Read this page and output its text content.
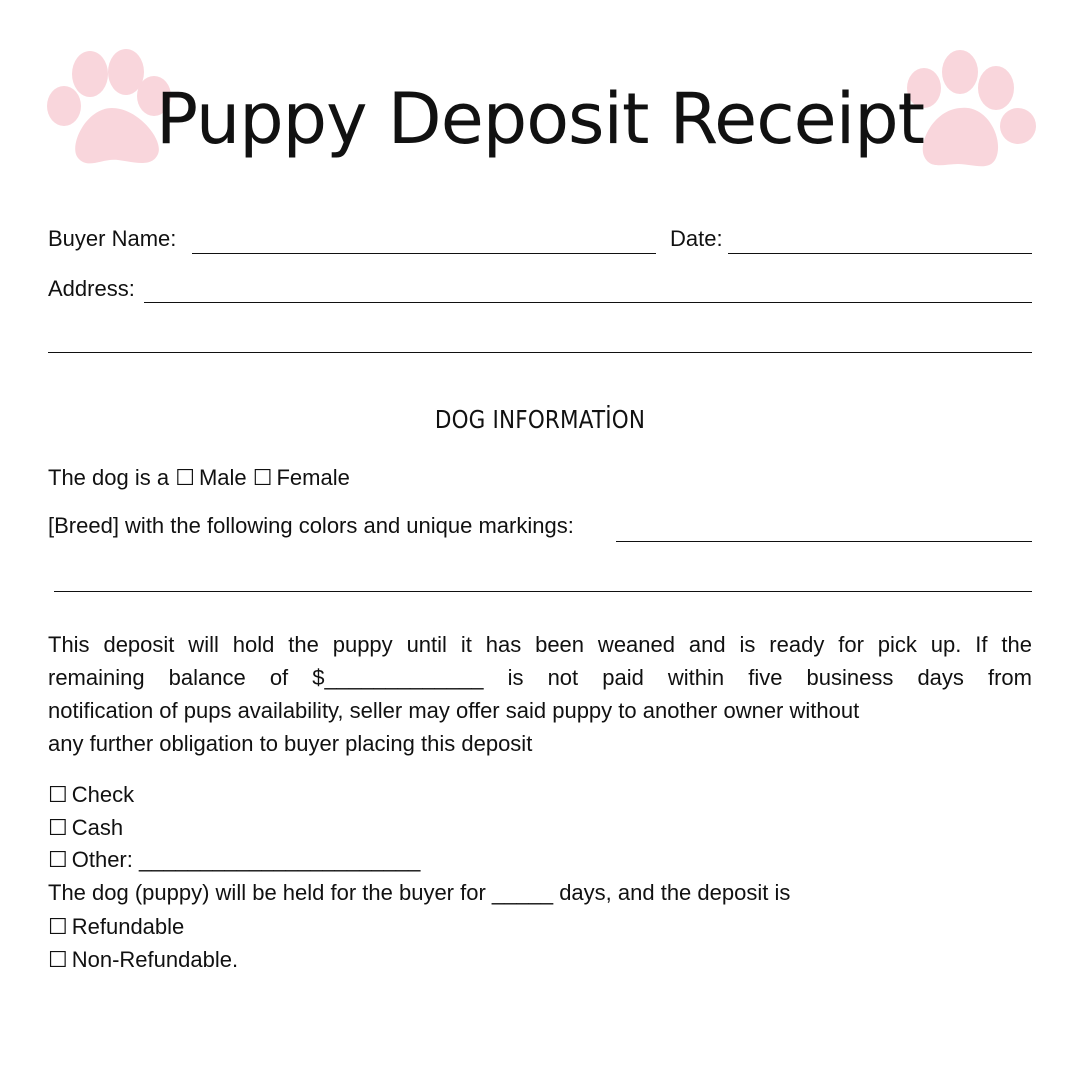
Puppy Deposit Receipt
Buyer Name:	Date:
Address:
DOG INFORMATİON
The dog is a ☐ Male ☐ Female
[Breed] with the following colors and unique markings:
This deposit will hold the puppy until it has been weaned and is ready for pick up. If the
remaining balance of $_____________ is not paid within five business days from
notification of pups availability, seller may offer said puppy to another owner without
any further obligation to buyer placing this deposit
☐ Check
☐ Cash
☐ Other: _______________________
The dog (puppy) will be held for the buyer for _____ days, and the deposit is
☐ Refundable
☐ Non-Refundable.
